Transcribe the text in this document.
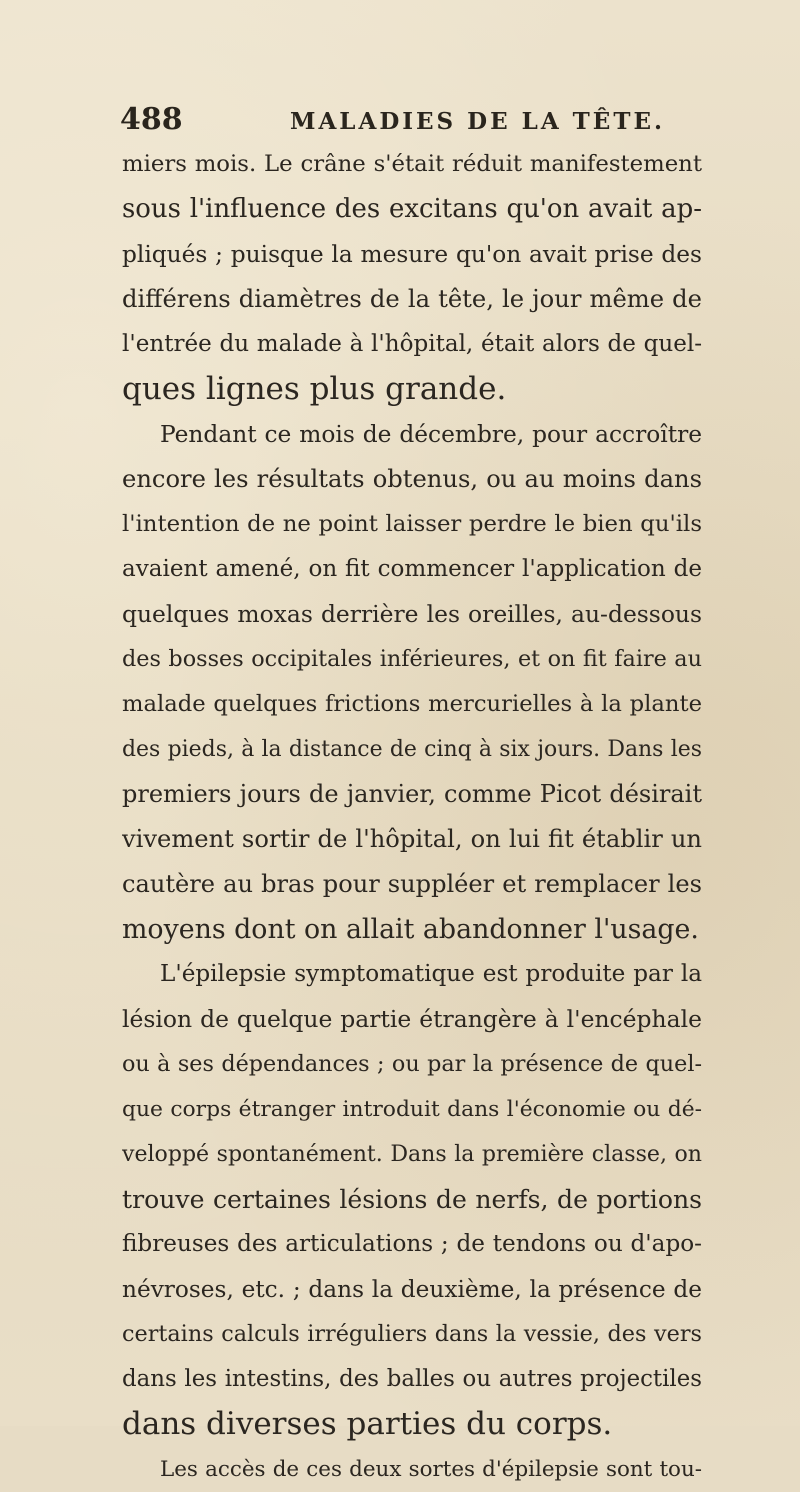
488	MALADIES DE LA TÊTE.
miers mois. Le crâne s'était réduit manifestement
sous l'influence des excitans qu'on avait ap-
pliqués ; puisque la mesure qu'on avait prise des
différens diamètres de la tête, le jour même de
l'entrée du malade à l'hôpital, était alors de quel-
ques lignes plus grande.
Pendant ce mois de décembre, pour accroître
encore les résultats obtenus, ou au moins dans
l'intention de ne point laisser perdre le bien qu'ils
avaient amené, on fit commencer l'application de
quelques moxas derrière les oreilles, au-dessous
des bosses occipitales inférieures, et on fit faire au
malade quelques frictions mercurielles à la plante
des pieds, à la distance de cinq à six jours. Dans les
premiers jours de janvier, comme Picot désirait
vivement sortir de l'hôpital, on lui fit établir un
cautère au bras pour suppléer et remplacer les
moyens dont on allait abandonner l'usage.
L'épilepsie symptomatique est produite par la
lésion de quelque partie étrangère à l'encéphale
ou à ses dépendances ; ou par la présence de quel-
que corps étranger introduit dans l'économie ou dé-
veloppé spontanément. Dans la première classe, on
trouve certaines lésions de nerfs, de portions
fibreuses des articulations ; de tendons ou d'apo-
névroses, etc. ; dans la deuxième, la présence de
certains calculs irréguliers dans la vessie, des vers
dans les intestins, des balles ou autres projectiles
dans diverses parties du corps.
Les accès de ces deux sortes d'épilepsie sont tou-
